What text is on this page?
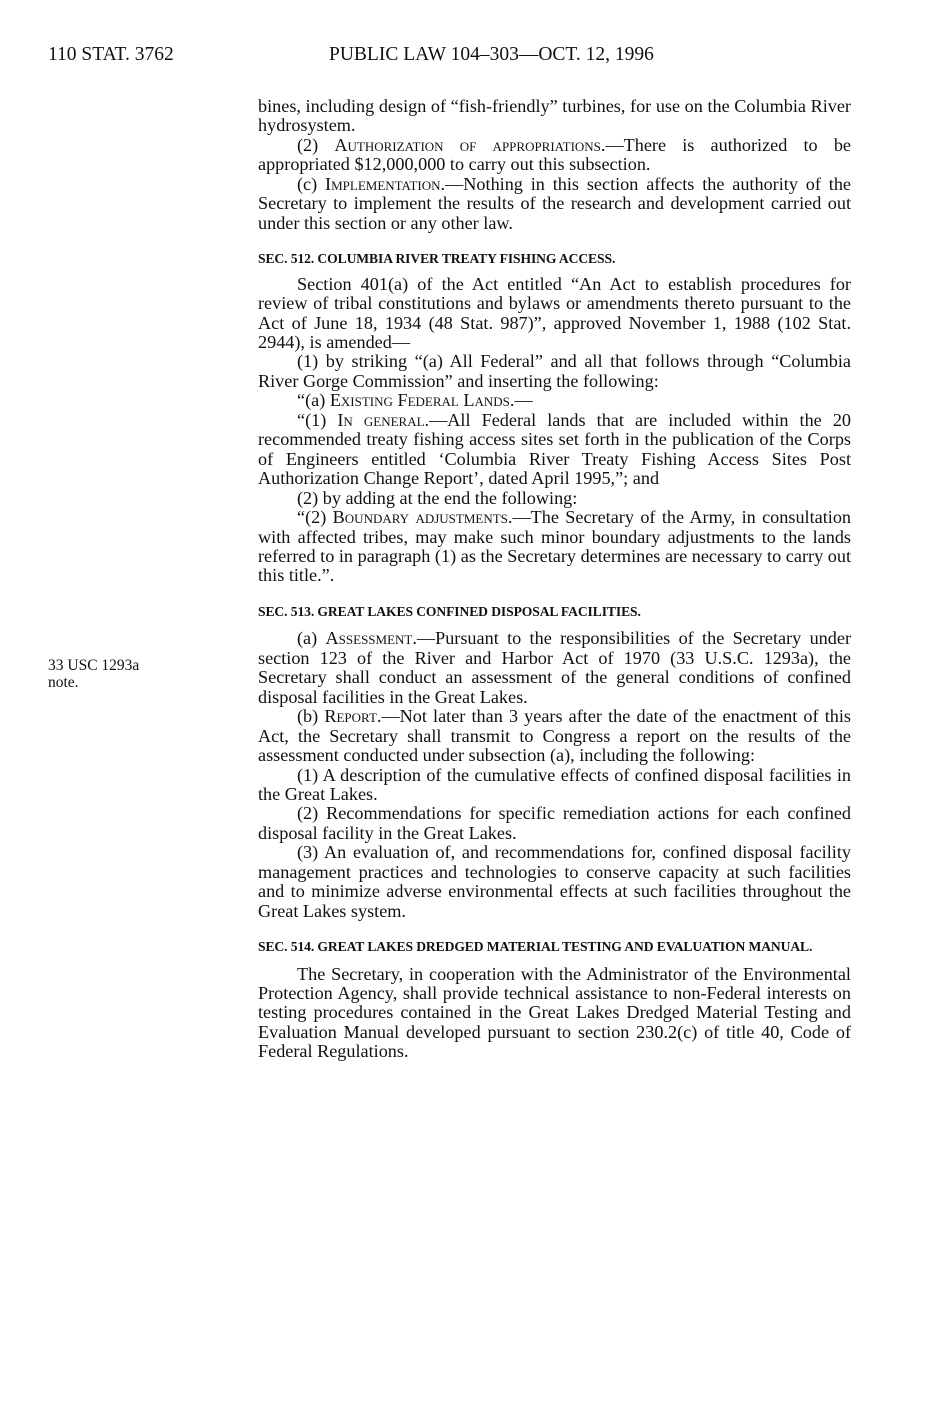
110 STAT. 3762	PUBLIC LAW 104–303—OCT. 12, 1996
33 USC 1293a
note.

bines, including design of “fish-friendly” turbines, for use on the Columbia River hydrosystem.

(2) Authorization of appropriations.—There is authorized to be appropriated $12,000,000 to carry out this subsection.

(c) Implementation.—Nothing in this section affects the authority of the Secretary to implement the results of the research and development carried out under this section or any other law.

SEC. 512. COLUMBIA RIVER TREATY FISHING ACCESS.

Section 401(a) of the Act entitled “An Act to establish procedures for review of tribal constitutions and bylaws or amendments thereto pursuant to the Act of June 18, 1934 (48 Stat. 987)”, approved November 1, 1988 (102 Stat. 2944), is amended—

(1) by striking “(a) All Federal” and all that follows through “Columbia River Gorge Commission” and inserting the following:

“(a) Existing Federal Lands.—

“(1) In general.—All Federal lands that are included within the 20 recommended treaty fishing access sites set forth in the publication of the Corps of Engineers entitled ‘Columbia River Treaty Fishing Access Sites Post Authorization Change Report’, dated April 1995,”; and

(2) by adding at the end the following:

“(2) Boundary adjustments.—The Secretary of the Army, in consultation with affected tribes, may make such minor boundary adjustments to the lands referred to in paragraph (1) as the Secretary determines are necessary to carry out this title.”.

SEC. 513. GREAT LAKES CONFINED DISPOSAL FACILITIES.

(a) Assessment.—Pursuant to the responsibilities of the Secretary under section 123 of the River and Harbor Act of 1970 (33 U.S.C. 1293a), the Secretary shall conduct an assessment of the general conditions of confined disposal facilities in the Great Lakes.

(b) Report.—Not later than 3 years after the date of the enactment of this Act, the Secretary shall transmit to Congress a report on the results of the assessment conducted under subsection (a), including the following:

(1) A description of the cumulative effects of confined disposal facilities in the Great Lakes.

(2) Recommendations for specific remediation actions for each confined disposal facility in the Great Lakes.

(3) An evaluation of, and recommendations for, confined disposal facility management practices and technologies to conserve capacity at such facilities and to minimize adverse environmental effects at such facilities throughout the Great Lakes system.

SEC. 514. GREAT LAKES DREDGED MATERIAL TESTING AND EVALUATION MANUAL.

The Secretary, in cooperation with the Administrator of the Environmental Protection Agency, shall provide technical assistance to non-Federal interests on testing procedures contained in the Great Lakes Dredged Material Testing and Evaluation Manual developed pursuant to section 230.2(c) of title 40, Code of Federal Regulations.
